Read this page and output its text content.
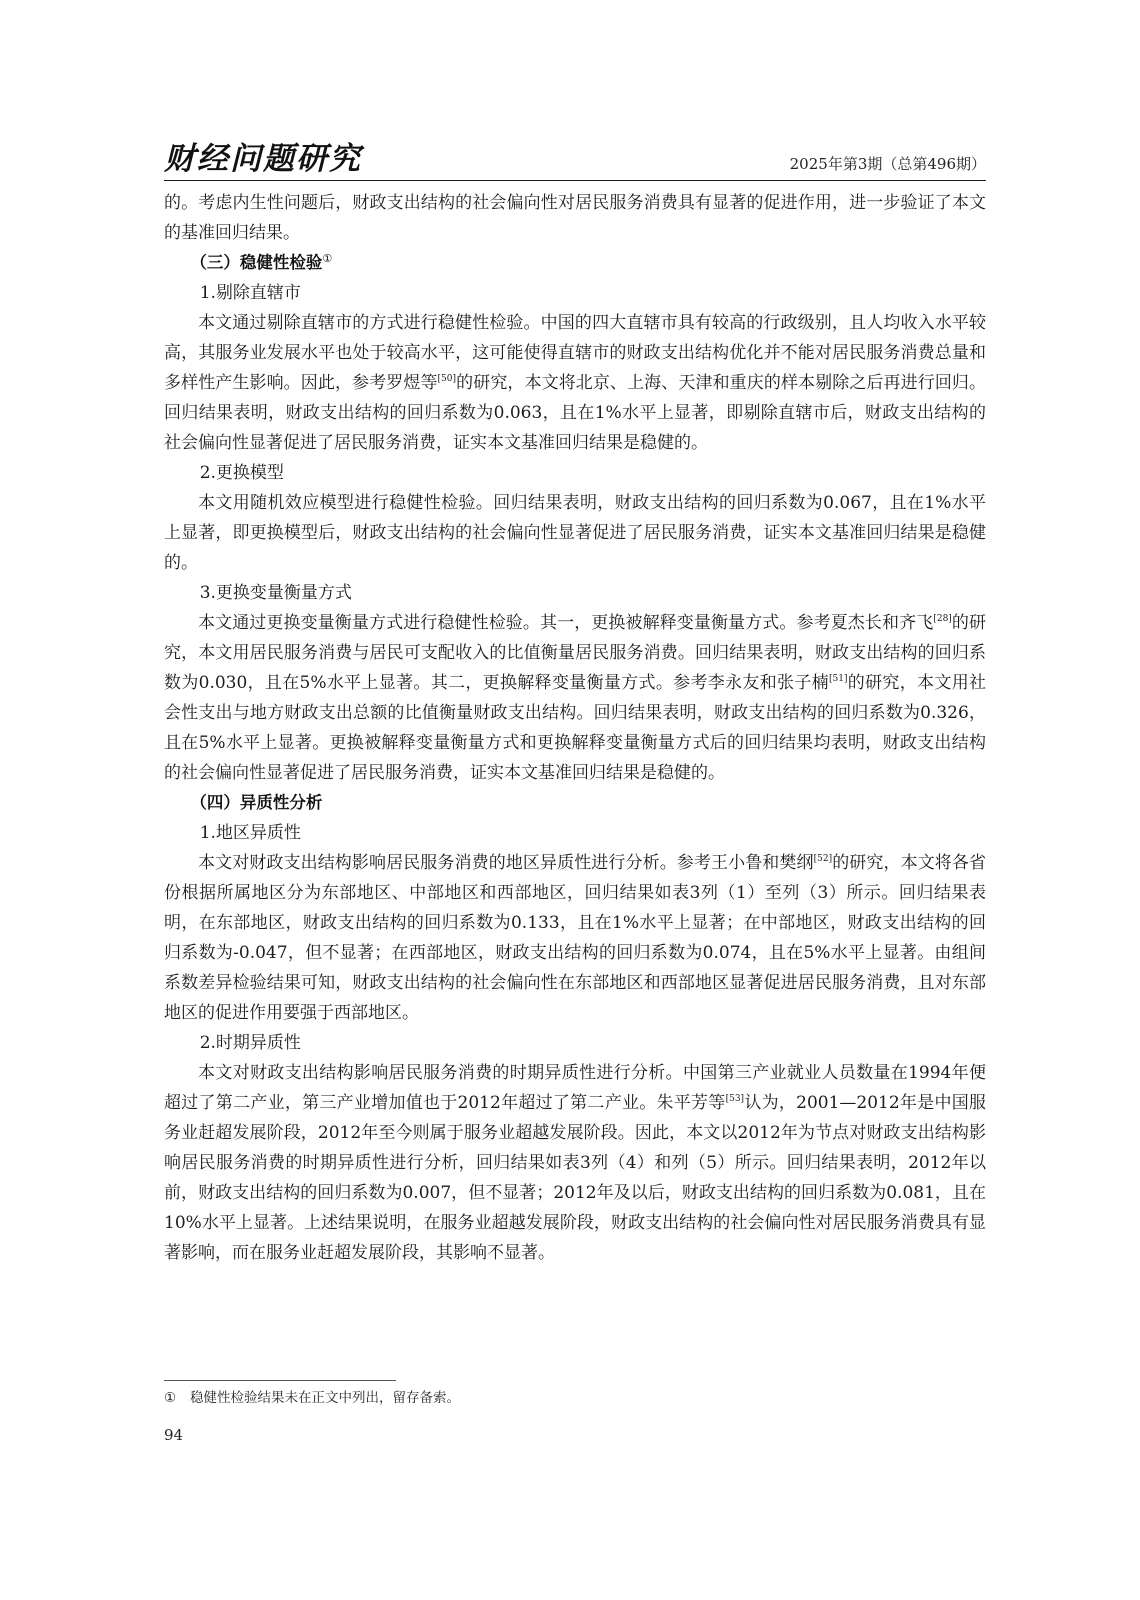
财经问题研究	2025年第3期（总第496期）

的。考虑内生性问题后，财政支出结构的社会偏向性对居民服务消费具有显著的促进作用，进一步验证了本文的基准回归结果。

（三）稳健性检验①

1.剔除直辖市

本文通过剔除直辖市的方式进行稳健性检验。中国的四大直辖市具有较高的行政级别，且人均收入水平较高，其服务业发展水平也处于较高水平，这可能使得直辖市的财政支出结构优化并不能对居民服务消费总量和多样性产生影响。因此，参考罗煜等[50]的研究，本文将北京、上海、天津和重庆的样本剔除之后再进行回归。回归结果表明，财政支出结构的回归系数为0.063，且在1%水平上显著，即剔除直辖市后，财政支出结构的社会偏向性显著促进了居民服务消费，证实本文基准回归结果是稳健的。

2.更换模型

本文用随机效应模型进行稳健性检验。回归结果表明，财政支出结构的回归系数为0.067，且在1%水平上显著，即更换模型后，财政支出结构的社会偏向性显著促进了居民服务消费，证实本文基准回归结果是稳健的。

3.更换变量衡量方式

本文通过更换变量衡量方式进行稳健性检验。其一，更换被解释变量衡量方式。参考夏杰长和齐飞[28]的研究，本文用居民服务消费与居民可支配收入的比值衡量居民服务消费。回归结果表明，财政支出结构的回归系数为0.030，且在5%水平上显著。其二，更换解释变量衡量方式。参考李永友和张子楠[51]的研究，本文用社会性支出与地方财政支出总额的比值衡量财政支出结构。回归结果表明，财政支出结构的回归系数为0.326，且在5%水平上显著。更换被解释变量衡量方式和更换解释变量衡量方式后的回归结果均表明，财政支出结构的社会偏向性显著促进了居民服务消费，证实本文基准回归结果是稳健的。

（四）异质性分析

1.地区异质性

本文对财政支出结构影响居民服务消费的地区异质性进行分析。参考王小鲁和樊纲[52]的研究，本文将各省份根据所属地区分为东部地区、中部地区和西部地区，回归结果如表3列（1）至列（3）所示。回归结果表明，在东部地区，财政支出结构的回归系数为0.133，且在1%水平上显著；在中部地区，财政支出结构的回归系数为-0.047，但不显著；在西部地区，财政支出结构的回归系数为0.074，且在5%水平上显著。由组间系数差异检验结果可知，财政支出结构的社会偏向性在东部地区和西部地区显著促进居民服务消费，且对东部地区的促进作用要强于西部地区。

2.时期异质性

本文对财政支出结构影响居民服务消费的时期异质性进行分析。中国第三产业就业人员数量在1994年便超过了第二产业，第三产业增加值也于2012年超过了第二产业。朱平芳等[53]认为，2001—2012年是中国服务业赶超发展阶段，2012年至今则属于服务业超越发展阶段。因此，本文以2012年为节点对财政支出结构影响居民服务消费的时期异质性进行分析，回归结果如表3列（4）和列（5）所示。回归结果表明，2012年以前，财政支出结构的回归系数为0.007，但不显著；2012年及以后，财政支出结构的回归系数为0.081，且在10%水平上显著。上述结果说明，在服务业超越发展阶段，财政支出结构的社会偏向性对居民服务消费具有显著影响，而在服务业赶超发展阶段，其影响不显著。

① 稳健性检验结果未在正文中列出，留存备索。
94
